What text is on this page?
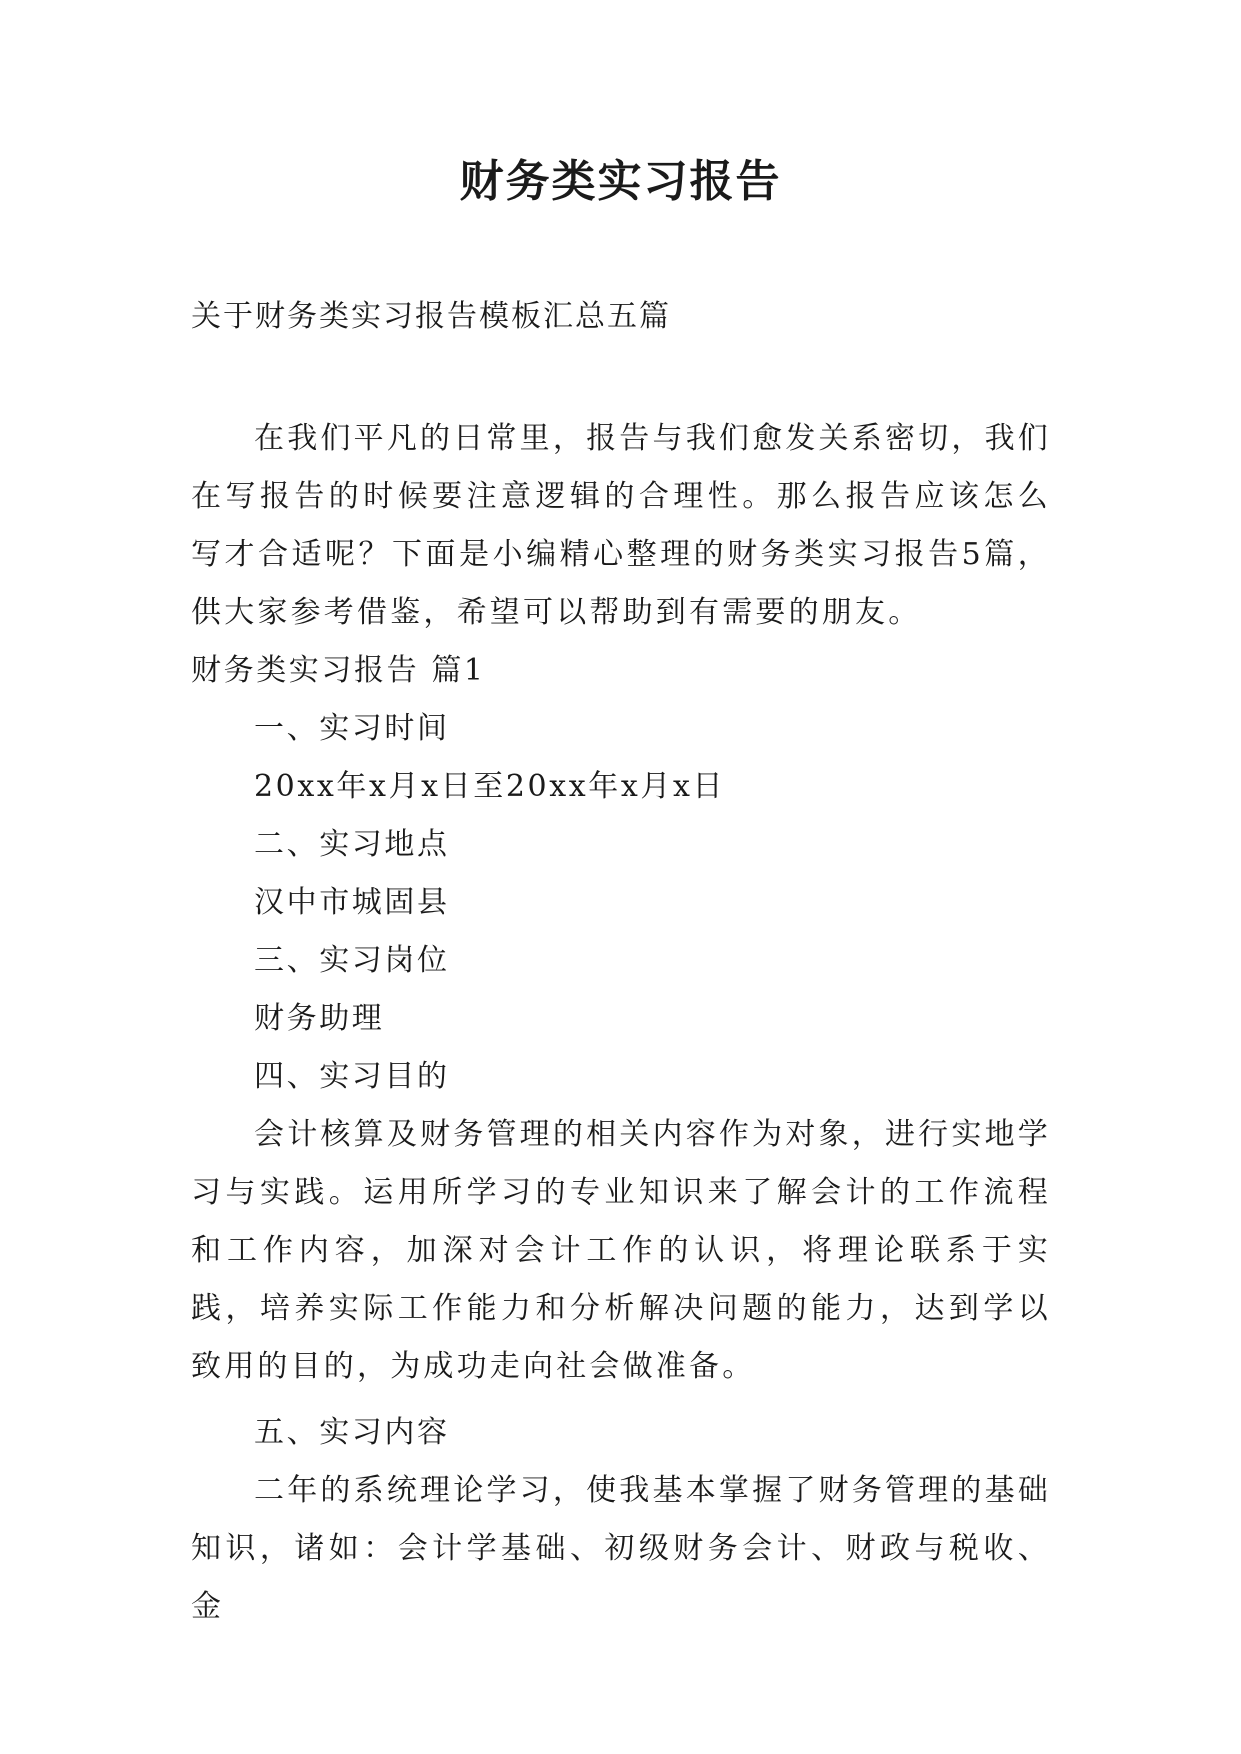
财务类实习报告
关于财务类实习报告模板汇总五篇

在我们平凡的日常里，报告与我们愈发关系密切，我们在写报告的时候要注意逻辑的合理性。那么报告应该怎么写才合适呢？下面是小编精心整理的财务类实习报告5篇，供大家参考借鉴，希望可以帮助到有需要的朋友。

财务类实习报告 篇1
一、实习时间
20xx年x月x日至20xx年x月x日
二、实习地点
汉中市城固县
三、实习岗位
财务助理
四、实习目的

会计核算及财务管理的相关内容作为对象，进行实地学习与实践。运用所学习的专业知识来了解会计的工作流程和工作内容，加深对会计工作的认识，将理论联系于实践，培养实际工作能力和分析解决问题的能力，达到学以致用的目的，为成功走向社会做准备。

五、实习内容

二年的系统理论学习，使我基本掌握了财务管理的基础知识，诸如：会计学基础、初级财务会计、财政与税收、金
